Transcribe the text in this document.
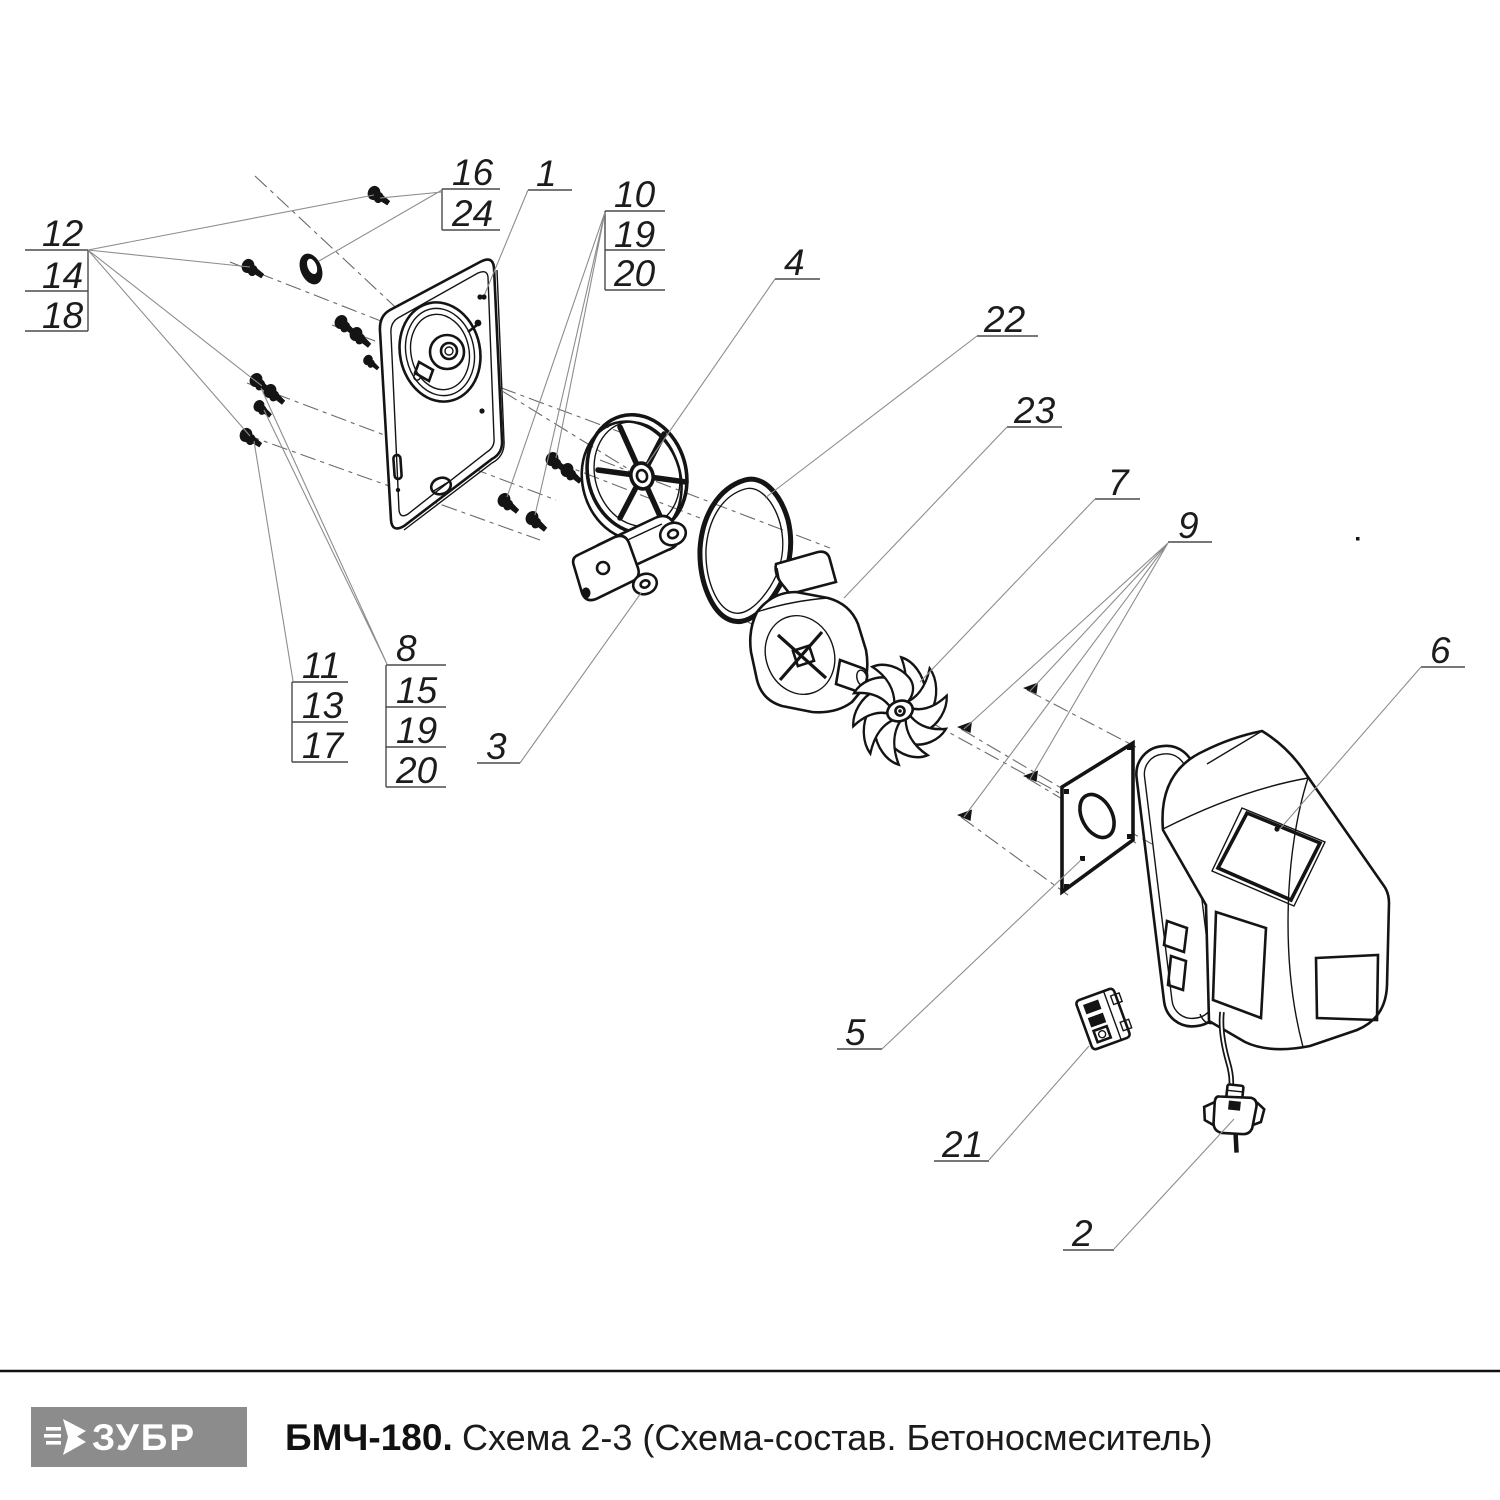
12
14
18
16
24
1
10
19
20	4
22
23
7
9
6
11
13
17
8
15
19
20
3
5
21
2
ЗУБР БМЧ-180. Схема 2-3 (Схема-состав. Бетоносмеситель)
